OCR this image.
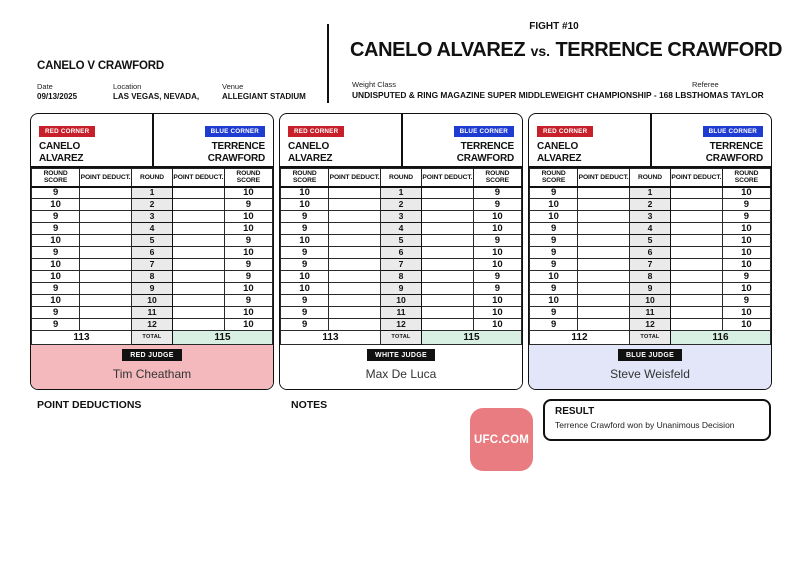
CANELO V CRAWFORD
Date
09/13/2025
Location
LAS VEGAS, NEVADA,
Venue
ALLEGIANT STADIUM
FIGHT #10
CANELO ALVAREZ vs. TERRENCE CRAWFORD
Weight Class
UNDISPUTED & RING MAGAZINE SUPER MIDDLEWEIGHT CHAMPIONSHIP - 168 LBS.
Referee
THOMAS TAYLOR
RED CORNER
CANELO
ALVAREZ
BLUE CORNER
TERRENCE
CRAWFORD
ROUND SCORE	POINT DEDUCT.	ROUND	POINT DEDUCT.	ROUND SCORE
9		1		10
10		2		9
9		3		10
9		4		10
10		5		9
9		6		10
10		7		9
10		8		9
9		9		10
10		10		9
9		11		10
9		12		10
113		TOTAL	115	
RED JUDGE
Tim Cheatham
RED CORNER
CANELO
ALVAREZ
BLUE CORNER
TERRENCE
CRAWFORD
ROUND SCORE	POINT DEDUCT.	ROUND	POINT DEDUCT.	ROUND SCORE
10		1		9
10		2		9
9		3		10
9		4		10
10		5		9
9		6		10
9		7		10
10		8		9
10		9		9
9		10		10
9		11		10
9		12		10
113		TOTAL	115	
WHITE JUDGE
Max De Luca
RED CORNER
CANELO
ALVAREZ
BLUE CORNER
TERRENCE
CRAWFORD
ROUND SCORE	POINT DEDUCT.	ROUND	POINT DEDUCT.	ROUND SCORE
9		1		10
10		2		9
10		3		9
9		4		10
9		5		10
9		6		10
9		7		10
10		8		9
9		9		10
10		10		9
9		11		10
9		12		10
112		TOTAL	116	
BLUE JUDGE
Steve Weisfeld
POINT DEDUCTIONS	NOTES
UFC.COM
RESULT
Terrence Crawford won by Unanimous Decision
